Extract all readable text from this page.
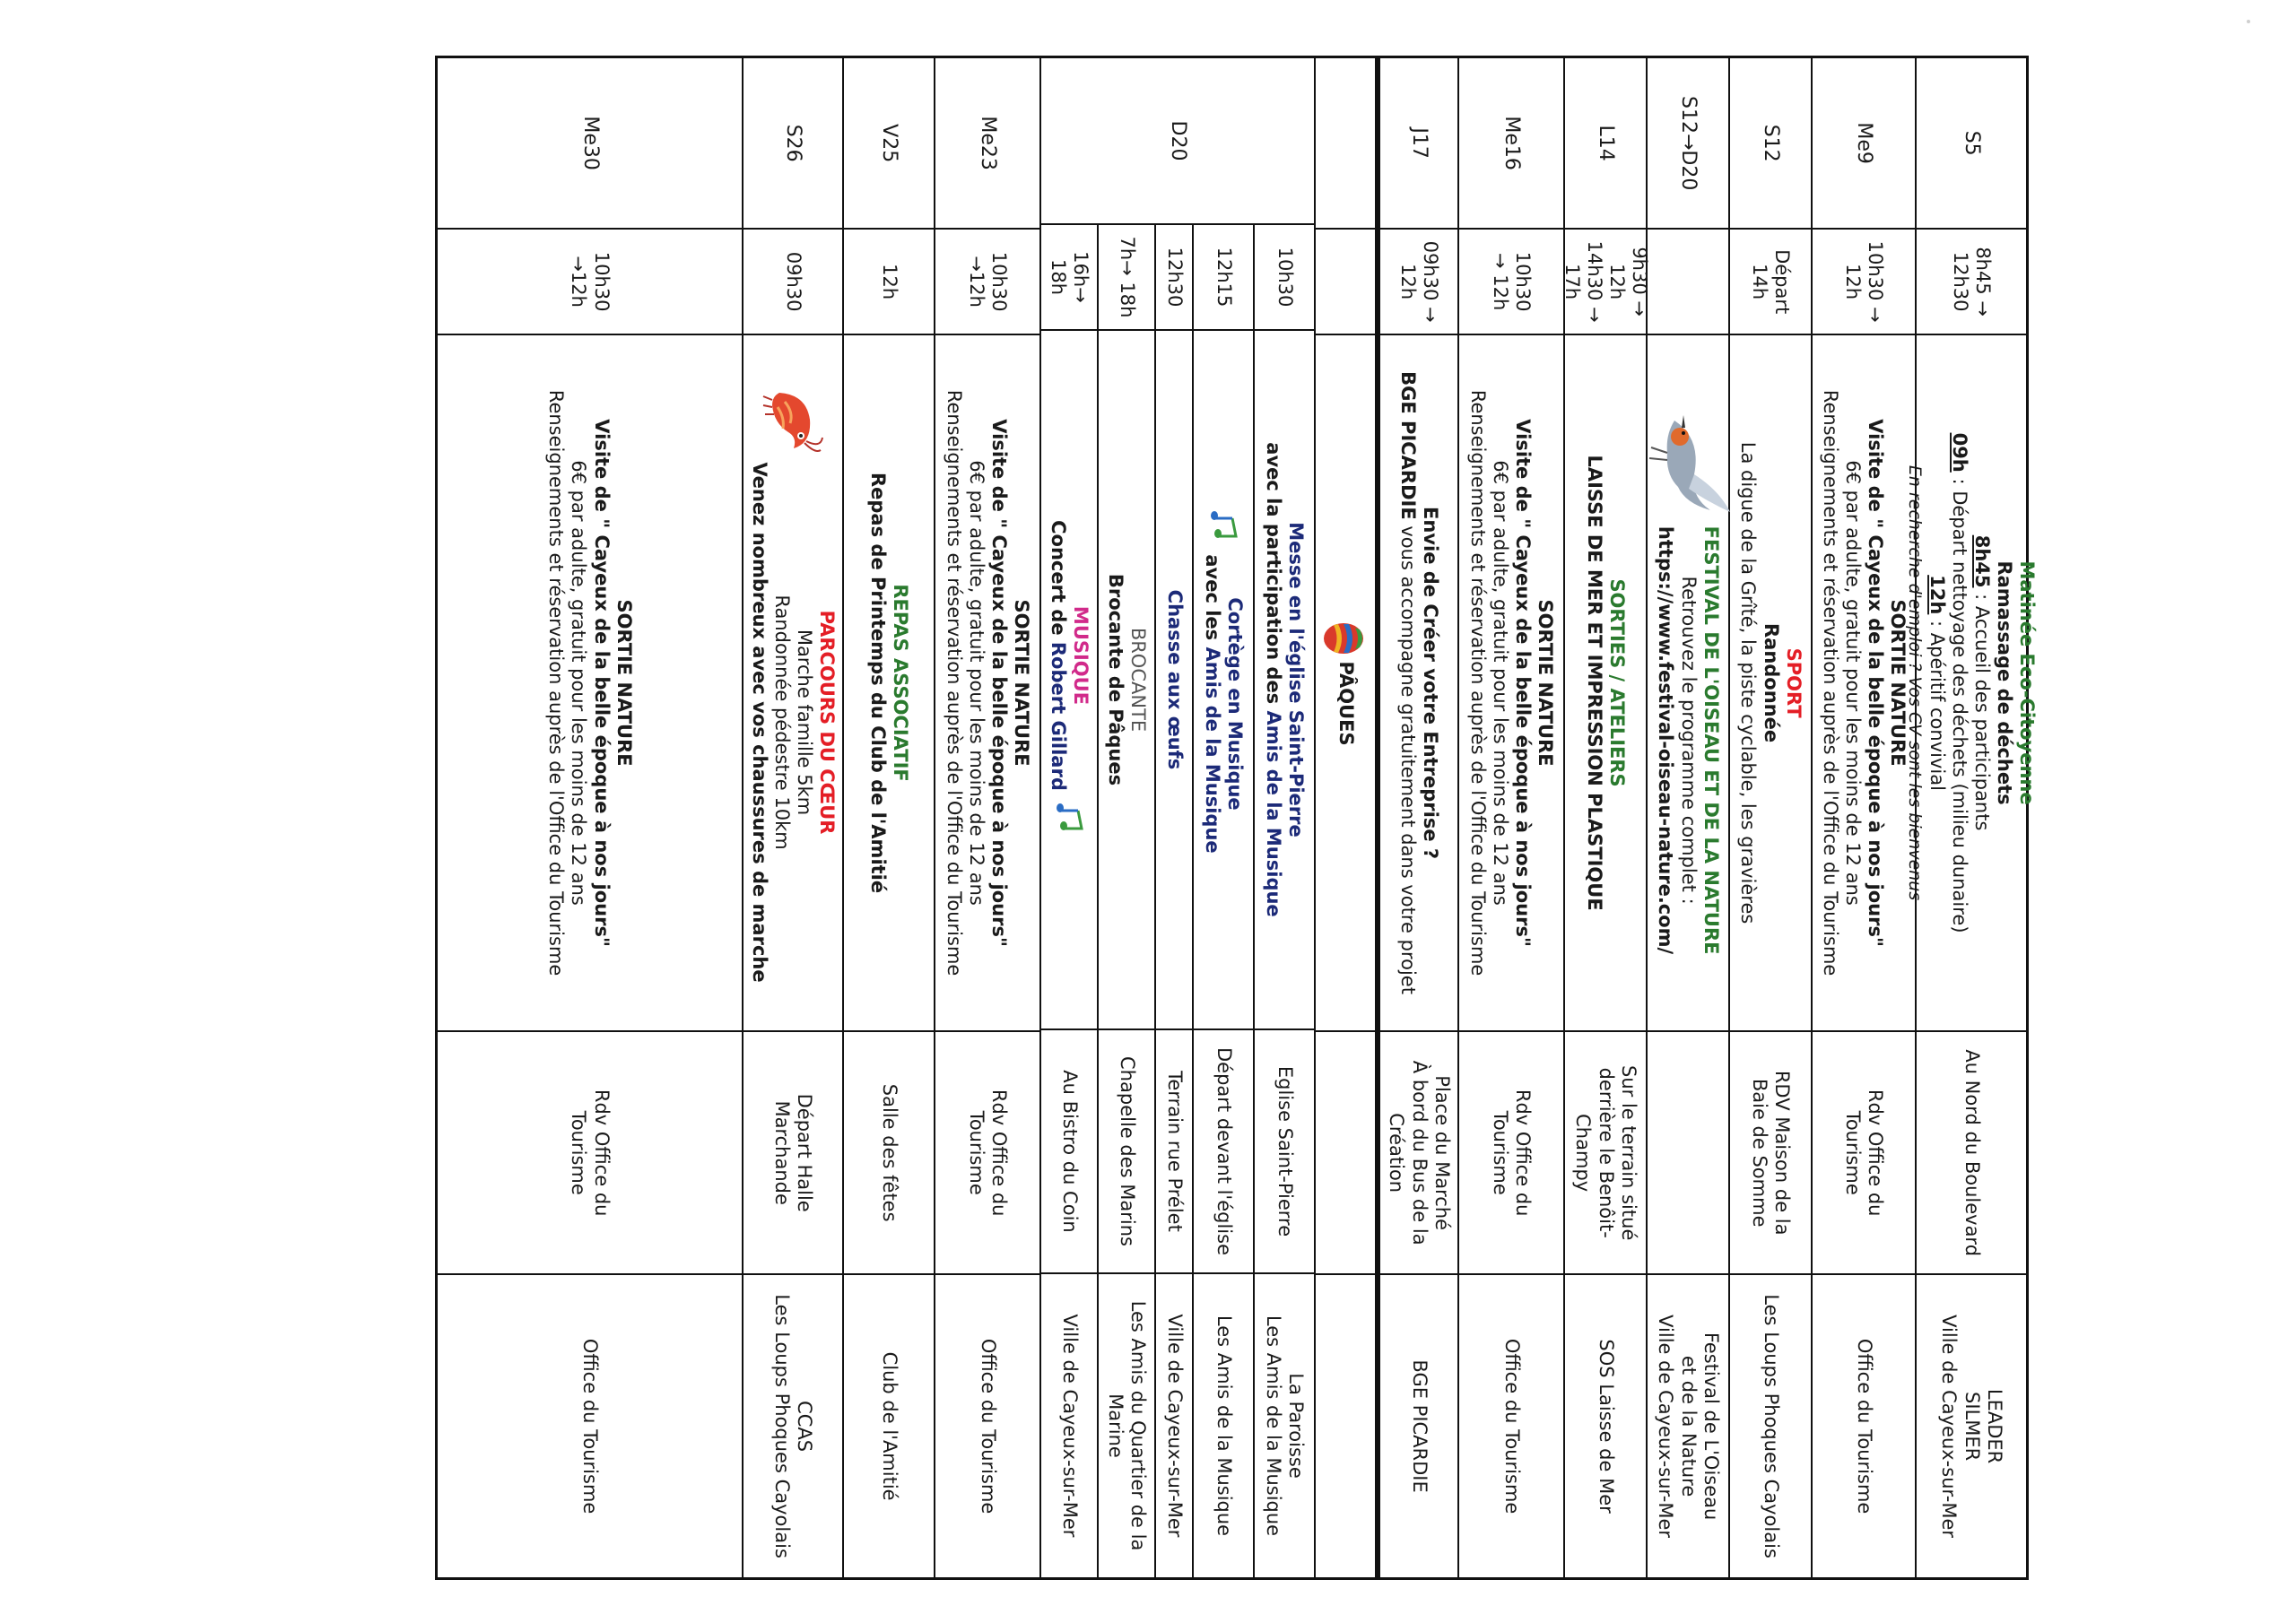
S5
8h45 →
12h30
Matinée Eco-Citoyenne
Ramassage de déchets
8h45 : Accueil des participants
09h : Départ nettoyage des déchets (milieu dunaire)
12h : Apéritif convivial
En recherche d'emploi ? Vos CV sont les bienvenus
Au Nord du Boulevard
LEADER
SILMER
Ville de Cayeux-sur-Mer
Me9
10h30 →
12h
SORTIE NATURE
Visite de " Cayeux de la belle époque à nos jours"
6€ par adulte, gratuit pour les moins de 12 ans
Renseignements et réservation auprès de l'Office du Tourisme
Rdv Office du
Tourisme
Office du Tourisme
S12
Départ
14h
SPORT
Randonnée
La digue de la Grîté, la piste cyclable, les gravières
RDV Maison de la
Baie de Somme
Les Loups Phoques Cayolais
S12→D20
FESTIVAL DE L'OISEAU ET DE LA NATURE
Retrouvez le programme complet :
https://www.festival-oiseau-nature.com/
Festival de L'Oiseau
et de la Nature
Ville de Cayeux-sur-Mer
L14
9h30 →
12h
14h30 →
17h
SORTIES / ATELIERS
LAISSE DE MER ET IMPRESSION PLASTIQUE
Sur le terrain situé
derrière le Benôit-
Champy
SOS Laisse de Mer
Me16
10h30
→ 12h
SORTIE NATURE
Visite de " Cayeux de la belle époque à nos jours"
6€ par adulte, gratuit pour les moins de 12 ans
Renseignements et réservation auprès de l'Office du Tourisme
Rdv Office du
Tourisme
Office du Tourisme
J17
09h30 →
12h
Envie de Créer votre Entreprise ?
BGE PICARDIE vous accompagne gratuitement dans votre projet
Place du Marché
À bord du Bus de la
Création
BGE PICARDIE
PÂQUES
D20
10h30
Messe en l'église Saint-Pierre
avec la participation des Amis de la Musique
Eglise Saint-Pierre
La Paroisse
Les Amis de la Musique
12h15
Cortège en Musique
avec les Amis de la Musique
Départ devant l'église
Les Amis de la Musique
12h30
Chasse aux œufs
Terrain rue Prélet
Ville de Cayeux-sur-Mer
7h→ 18h
BROCANTE
Brocante de Pâques
Chapelle des Marins
Les Amis du Quartier de la
Marine
16h→
18h
MUSIQUE
Concert de Robert Gillard
Au Bistro du Coin
Ville de Cayeux-sur-Mer
Me23
10h30
→12h
SORTIE NATURE
Visite de " Cayeux de la belle époque à nos jours"
6€ par adulte, gratuit pour les moins de 12 ans
Renseignements et réservation auprès de l'Office du Tourisme
Rdv Office du
Tourisme
Office du Tourisme
V25
12h
REPAS ASSOCIATIF
Repas de Printemps du Club de l'Amitié
Salle des fêtes
Club de l'Amitié
S26
09h30
PARCOURS DU CŒUR
Marche famille 5km
Randonnée pédestre 10km
Venez nombreux avec vos chaussures de marche
Départ Halle
Marchande
CCAS
Les Loups Phoques Cayolais
Me30
10h30
→12h
SORTIE NATURE
Visite de " Cayeux de la belle époque à nos jours"
6€ par adulte, gratuit pour les moins de 12 ans
Renseignements et réservation auprès de l'Office du Tourisme
Rdv Office du
Tourisme
Office du Tourisme
